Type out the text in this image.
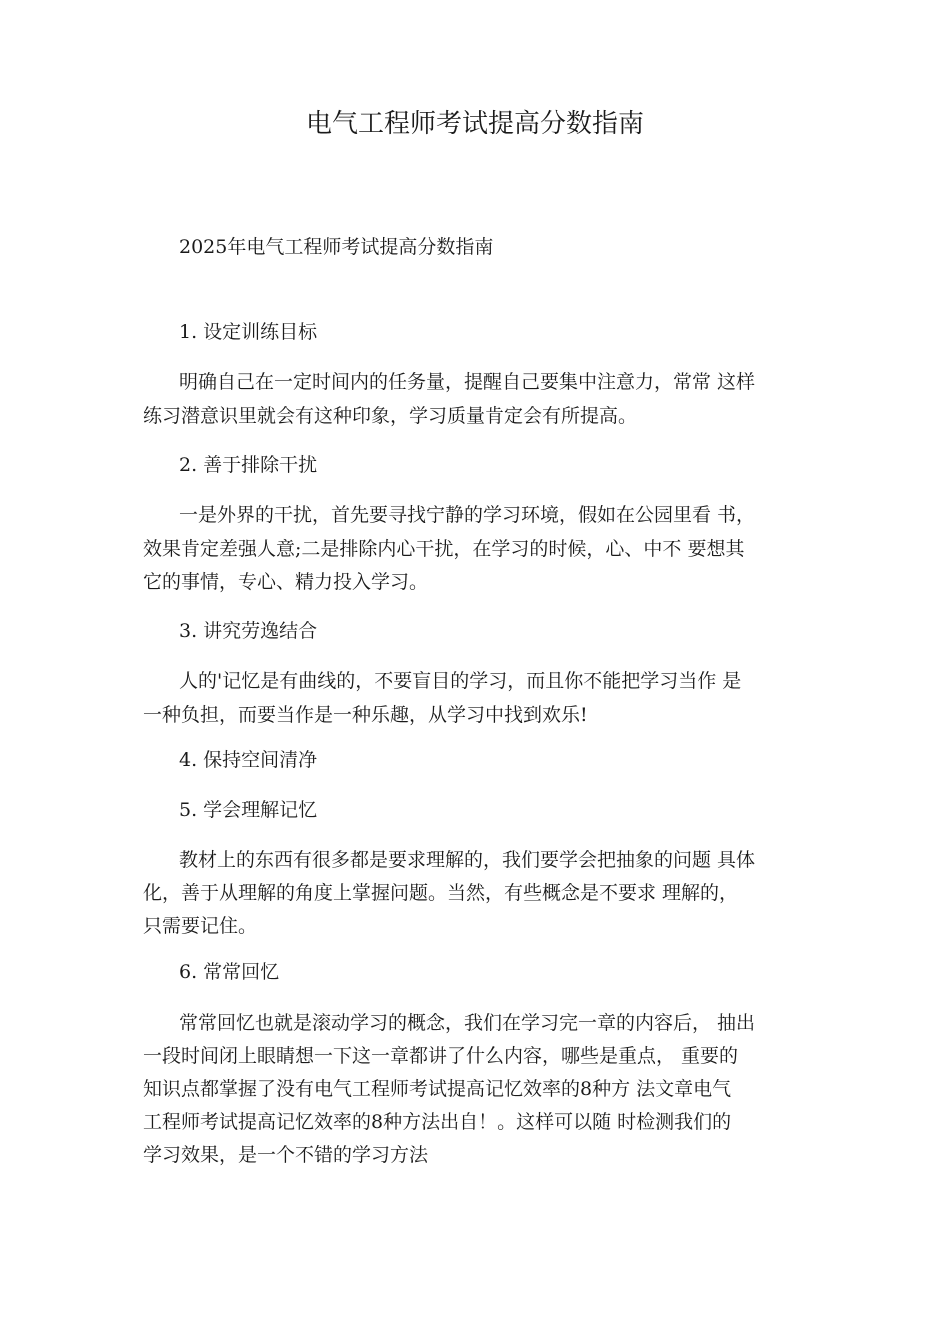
电气工程师考试提高分数指南
2025年电气工程师考试提高分数指南
1. 设定训练目标
明确自己在一定时间内的任务量，提醒自己要集中注意力，常常 这样
练习潜意识里就会有这种印象，学习质量肯定会有所提高。
2. 善于排除干扰
一是外界的干扰，首先要寻找宁静的学习环境，假如在公园里看 书，
效果肯定差强人意;二是排除内心干扰，在学习的时候，心、中不 要想其
它的事情，专心、精力投入学习。
3. 讲究劳逸结合
人的'记忆是有曲线的，不要盲目的学习，而且你不能把学习当作 是
一种负担，而要当作是一种乐趣，从学习中找到欢乐!
4. 保持空间清净
5. 学会理解记忆
教材上的东西有很多都是要求理解的，我们要学会把抽象的问题 具体
化，善于从理解的角度上掌握问题。当然，有些概念是不要求 理解的，
只需要记住。
6. 常常回忆
常常回忆也就是滚动学习的概念，我们在学习完一章的内容后， 抽出
一段时间闭上眼睛想一下这一章都讲了什么内容，哪些是重点， 重要的
知识点都掌握了没有电气工程师考试提高记忆效率的8种方 法文章电气
工程师考试提高记忆效率的8种方法出自！。这样可以随 时检测我们的
学习效果，是一个不错的学习方法
